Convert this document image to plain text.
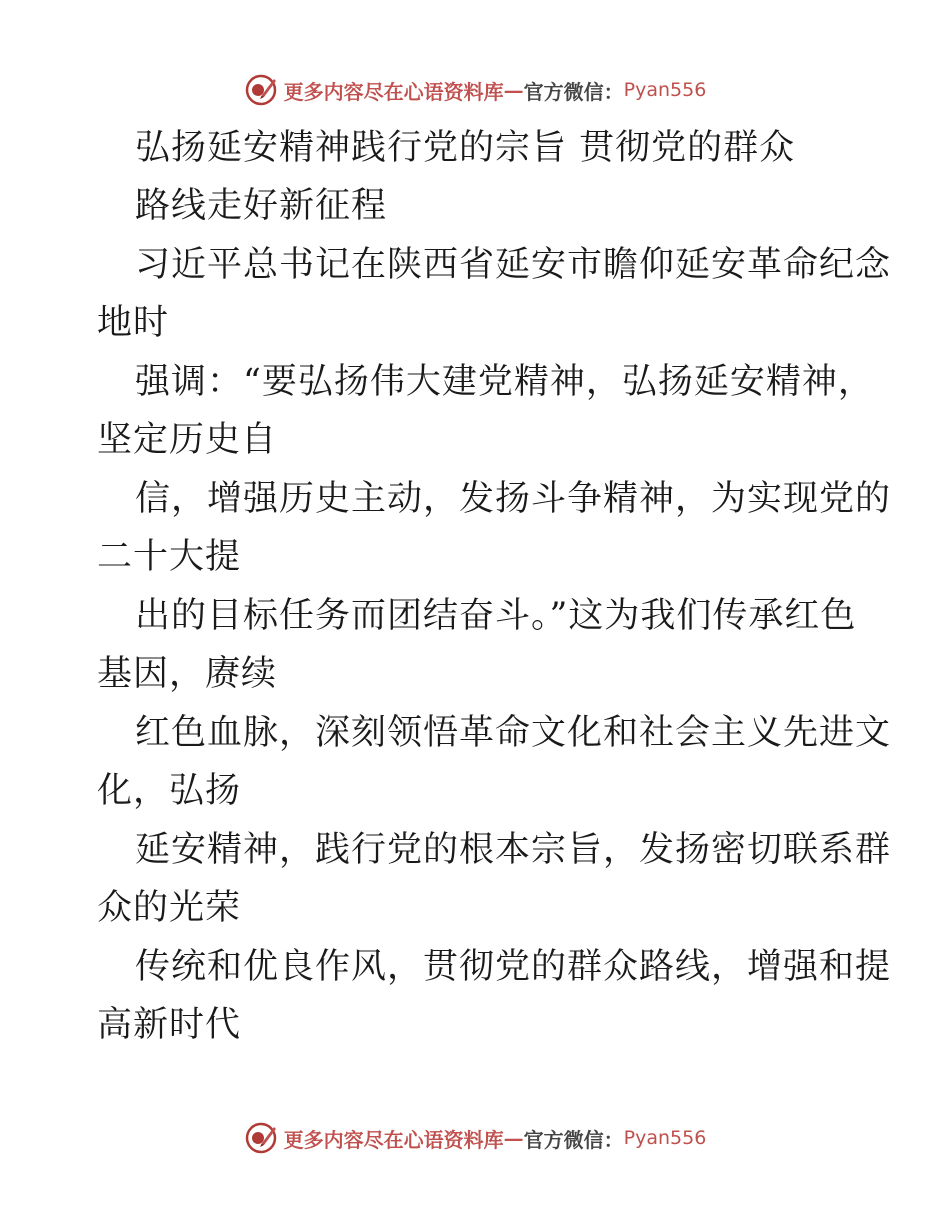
更多内容尽在心语资料库 — 官方微信： Pyan556
弘扬延安精神践行党的宗旨 贯彻党的群众
路线走好新征程
习近平总书记在陕西省延安市瞻仰延安革命纪念
地时
强调：“要弘扬伟大建党精神，弘扬延安精神，
坚定历史自
信，增强历史主动，发扬斗争精神，为实现党的
二十大提
出的目标任务而团结奋斗。”这为我们传承红色
基因，赓续
红色血脉，深刻领悟革命文化和社会主义先进文
化，弘扬
延安精神，践行党的根本宗旨，发扬密切联系群
众的光荣
传统和优良作风，贯彻党的群众路线，增强和提
高新时代
更多内容尽在心语资料库 — 官方微信： Pyan556
